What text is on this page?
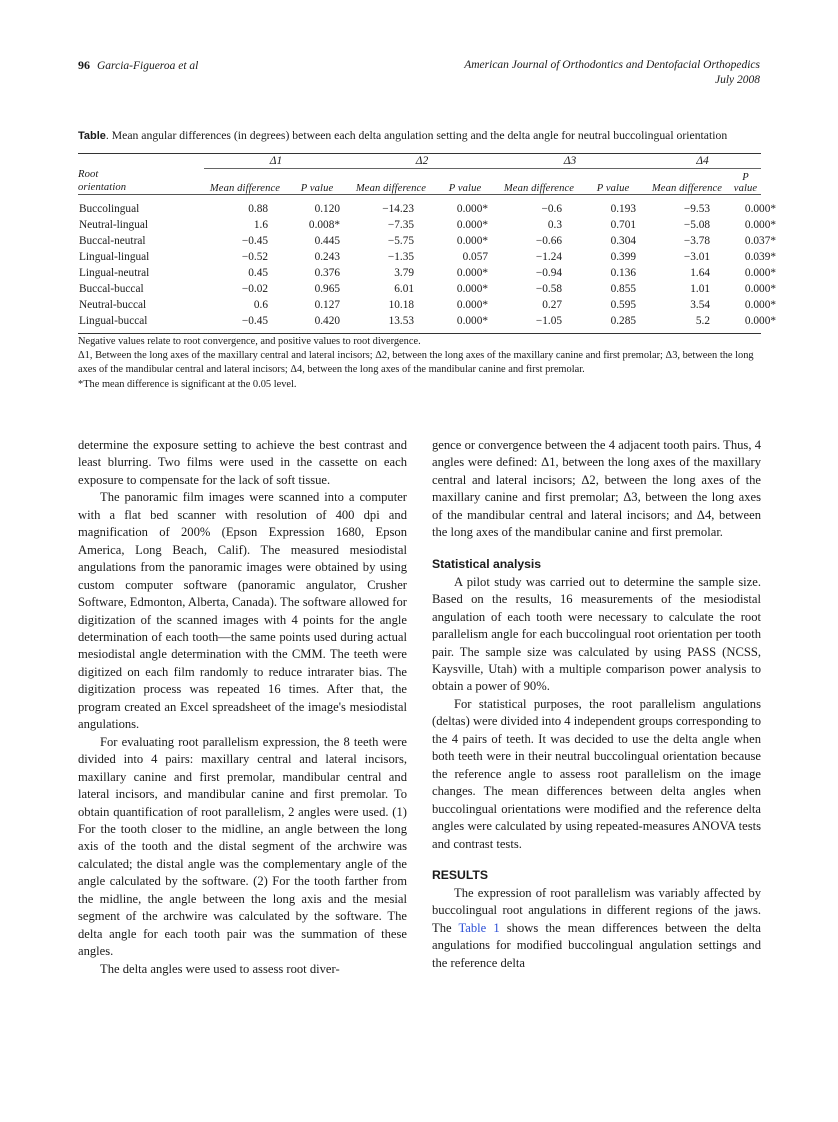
96 Garcia-Figueroa et al	American Journal of Orthodontics and Dentofacial Orthopedics
July 2008
Table. Mean angular differences (in degrees) between each delta angulation setting and the delta angle for neutral buccolingual orientation

	Δ1		Δ2		Δ3		Δ4	

Root
orientation	Mean difference	P value	Mean difference	P value	Mean difference	P value	Mean difference	P value

Buccolingual	0.88	0.120	−14.23	0.000*	−0.6	0.193	−9.53	0.000*
Neutral-lingual	1.6	0.008*	−7.35	0.000*	0.3	0.701	−5.08	0.000*
Buccal-neutral	−0.45	0.445	−5.75	0.000*	−0.66	0.304	−3.78	0.037*
Lingual-lingual	−0.52	0.243	−1.35	0.057	−1.24	0.399	−3.01	0.039*
Lingual-neutral	0.45	0.376	3.79	0.000*	−0.94	0.136	1.64	0.000*
Buccal-buccal	−0.02	0.965	6.01	0.000*	−0.58	0.855	1.01	0.000*
Neutral-buccal	0.6	0.127	10.18	0.000*	0.27	0.595	3.54	0.000*
Lingual-buccal	−0.45	0.420	13.53	0.000*	−1.05	0.285	5.2	0.000*

Negative values relate to root convergence, and positive values to root divergence.
Δ1, Between the long axes of the maxillary central and lateral incisors; Δ2, between the long axes of the maxillary canine and first premolar; Δ3, between the long axes of the mandibular central and lateral incisors; Δ4, between the long axes of the mandibular canine and first premolar.
*The mean difference is significant at the 0.05 level.								

determine the exposure setting to achieve the best contrast and least blurring. Two films were used in the cassette on each exposure to compensate for the lack of soft tissue.

The panoramic film images were scanned into a computer with a flat bed scanner with resolution of 400 dpi and magnification of 200% (Epson Expression 1680, Epson America, Long Beach, Calif). The measured mesiodistal angulations from the panoramic images were obtained by using custom computer software (panoramic angulator, Crusher Software, Edmonton, Alberta, Canada). The software allowed for digitization of the scanned images with 4 points for the angle determination of each tooth—the same points used during actual mesiodistal angle determination with the CMM. The teeth were digitized on each film randomly to reduce intrarater bias. The digitization process was repeated 16 times. After that, the program created an Excel spreadsheet of the image's mesiodistal angulations.

For evaluating root parallelism expression, the 8 teeth were divided into 4 pairs: maxillary central and lateral incisors, maxillary canine and first premolar, mandibular central and lateral incisors, and mandibular canine and first premolar. To obtain quantification of root parallelism, 2 angles were used. (1) For the tooth closer to the midline, an angle between the long axis of the tooth and the distal segment of the archwire was calculated; the distal angle was the complementary angle of the angle calculated by the software. (2) For the tooth farther from the midline, the angle between the long axis and the mesial segment of the archwire was calculated by the software. The delta angle for each tooth pair was the summation of these angles.

The delta angles were used to assess root diver-

gence or convergence between the 4 adjacent tooth pairs. Thus, 4 angles were defined: Δ1, between the long axes of the maxillary central and lateral incisors; Δ2, between the long axes of the maxillary canine and first premolar; Δ3, between the long axes of the mandibular central and lateral incisors; and Δ4, between the long axes of the mandibular canine and first premolar.

Statistical analysis

A pilot study was carried out to determine the sample size. Based on the results, 16 measurements of the mesiodistal angulation of each tooth were necessary to calculate the root parallelism angle for each buccolingual root orientation per tooth pair. The sample size was calculated by using PASS (NCSS, Kaysville, Utah) with a multiple comparison power analysis to obtain a power of 90%.

For statistical purposes, the root parallelism angulations (deltas) were divided into 4 independent groups corresponding to the 4 pairs of teeth. It was decided to use the delta angle when both teeth were in their neutral buccolingual orientation because the reference angle to assess root parallelism on the image changes. The mean differences between delta angles when buccolingual orientations were modified and the reference delta angles were calculated by using repeated-measures ANOVA tests and contrast tests.

RESULTS

The expression of root parallelism was variably affected by buccolingual root angulations in different regions of the jaws. The Table 1 shows the mean differences between the delta angulations for modified buccolingual angulation settings and the reference delta
